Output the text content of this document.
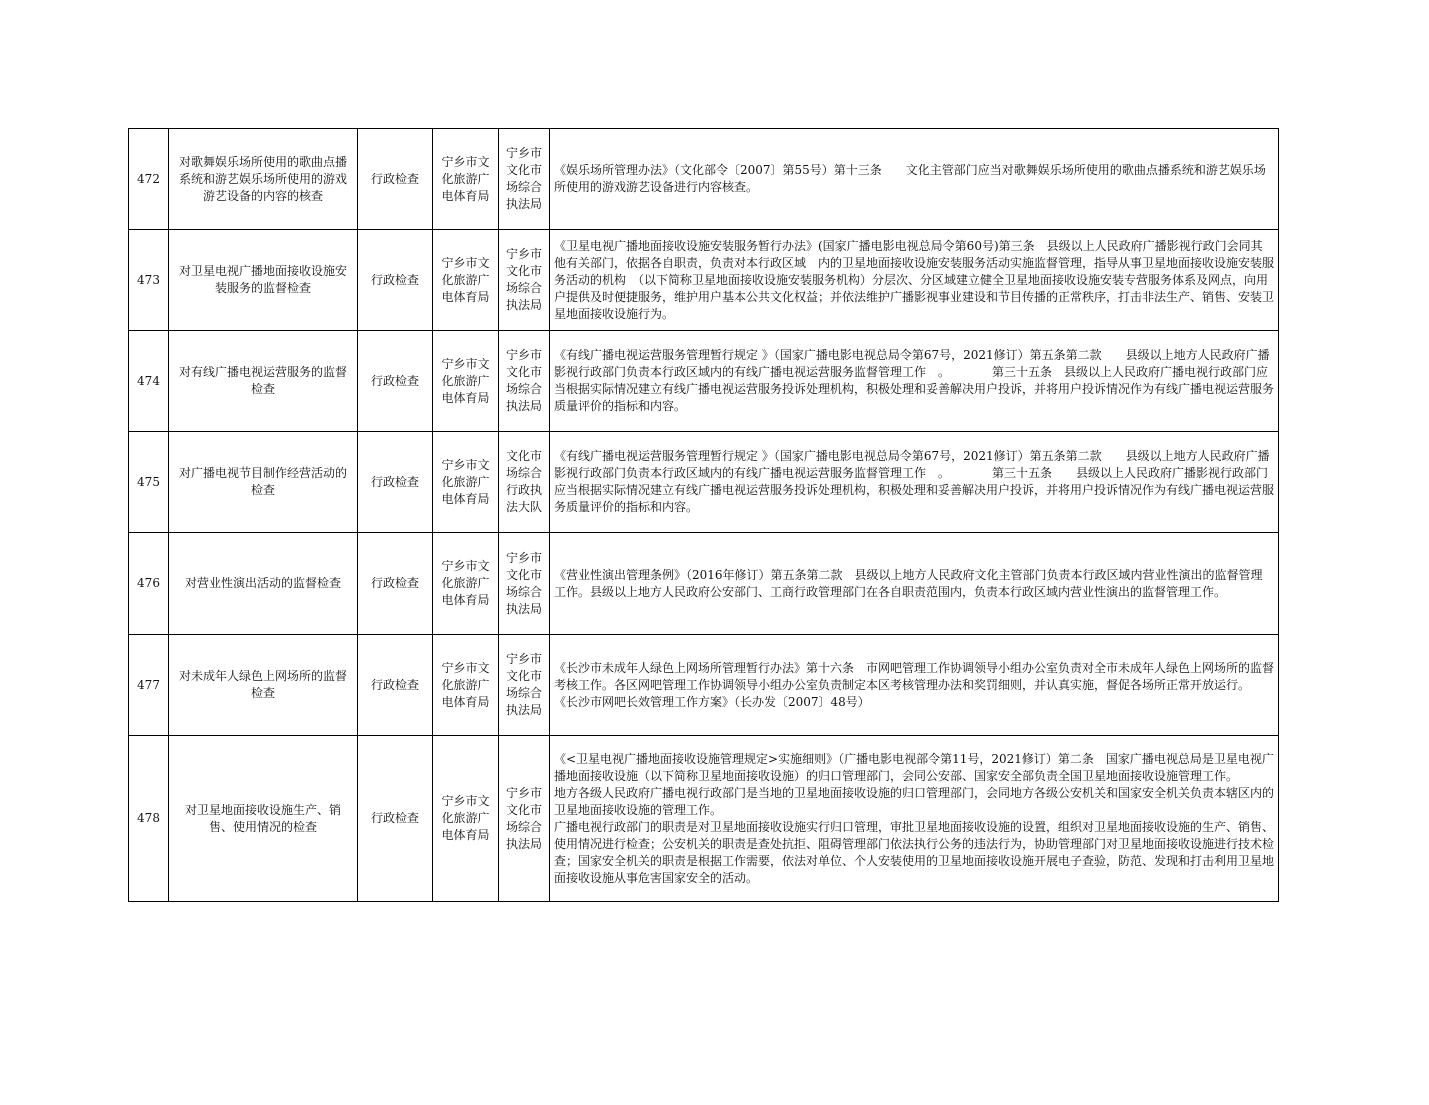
472	对歌舞娱乐场所使用的歌曲点播系统和游艺娱乐场所使用的游戏游艺设备的内容的核查	行政检查	宁乡市文化旅游广电体育局	宁乡市文化市场综合执法局	《娱乐场所管理办法》（文化部令〔2007〕第55号）第十三条　　文化主管部门应当对歌舞娱乐场所使用的歌曲点播系统和游艺娱乐场所使用的游戏游艺设备进行内容核查。

473	对卫星电视广播地面接收设施安装服务的监督检查	行政检查	宁乡市文化旅游广电体育局	宁乡市文化市场综合执法局	《卫星电视广播地面接收设施安装服务暂行办法》(国家广播电影电视总局令第60号)第三条　县级以上人民政府广播影视行政门会同其他有关部门，依据各自职责，负责对本行政区域　内的卫星地面接收设施安装服务活动实施监督管理，指导从事卫星地面接收设施安装服务活动的机构　（以下简称卫星地面接收设施安装服务机构）分层次、分区域建立健全卫星地面接收设施安装专营服务体系及网点，向用户提供及时便捷服务，维护用户基本公共文化权益；并依法维护广播影视事业建设和节目传播的正常秩序，打击非法生产、销售、安装卫星地面接收设施行为。

474	对有线广播电视运营服务的监督检查	行政检查	宁乡市文化旅游广电体育局	宁乡市文化市场综合执法局	《有线广播电视运营服务管理暂行规定 》（国家广播电影电视总局令第67号，2021修订）第五条第二款　　县级以上地方人民政府广播影视行政部门负责本行政区域内的有线广播电视运营服务监督管理工作　。　　　　第三十五条　县级以上人民政府广播电视行政部门应当根据实际情况建立有线广播电视运营服务投诉处理机构，积极处理和妥善解决用户投诉，并将用户投诉情况作为有线广播电视运营服务质量评价的指标和内容。

475	对广播电视节目制作经营活动的检查	行政检查	宁乡市文化旅游广电体育局	文化市场综合行政执法大队	《有线广播电视运营服务管理暂行规定 》（国家广播电影电视总局令第67号，2021修订）第五条第二款　　县级以上地方人民政府广播影视行政部门负责本行政区域内的有线广播电视运营服务监督管理工作　。　　　　第三十五条　　县级以上人民政府广播影视行政部门应当根据实际情况建立有线广播电视运营服务投诉处理机构，积极处理和妥善解决用户投诉，并将用户投诉情况作为有线广播电视运营服务质量评价的指标和内容。

476	对营业性演出活动的监督检查	行政检查	宁乡市文化旅游广电体育局	宁乡市文化市场综合执法局	《营业性演出管理条例》（2016年修订）第五条第二款　县级以上地方人民政府文化主管部门负责本行政区域内营业性演出的监督管理工作。县级以上地方人民政府公安部门、工商行政管理部门在各自职责范围内，负责本行政区域内营业性演出的监督管理工作。

477	对未成年人绿色上网场所的监督检查	行政检查	宁乡市文化旅游广电体育局	宁乡市文化市场综合执法局	《长沙市未成年人绿色上网场所管理暂行办法》第十六条　市网吧管理工作协调领导小组办公室负责对全市未成年人绿色上网场所的监督考核工作。各区网吧管理工作协调领导小组办公室负责制定本区考核管理办法和奖罚细则，并认真实施，督促各场所正常开放运行。　　《长沙市网吧长效管理工作方案》（长办发〔2007〕48号）

478	对卫星地面接收设施生产、销售、使用情况的检查	行政检查	宁乡市文化旅游广电体育局	宁乡市文化市场综合执法局	《<卫星电视广播地面接收设施管理规定>实施细则》（广播电影电视部令第11号，2021修订）第二条　国家广播电视总局是卫星电视广播地面接收设施（以下简称卫星地面接收设施）的归口管理部门，会同公安部、国家安全部负责全国卫星地面接收设施管理工作。
地方各级人民政府广播电视行政部门是当地的卫星地面接收设施的归口管理部门，会同地方各级公安机关和国家安全机关负责本辖区内的卫星地面接收设施的管理工作。
广播电视行政部门的职责是对卫星地面接收设施实行归口管理，审批卫星地面接收设施的设置，组织对卫星地面接收设施的生产、销售、使用情况进行检查；公安机关的职责是查处抗拒、阻碍管理部门依法执行公务的违法行为，协助管理部门对卫星地面接收设施进行技术检查；国家安全机关的职责是根据工作需要，依法对单位、个人安装使用的卫星地面接收设施开展电子查验，防范、发现和打击利用卫星地面接收设施从事危害国家安全的活动。
